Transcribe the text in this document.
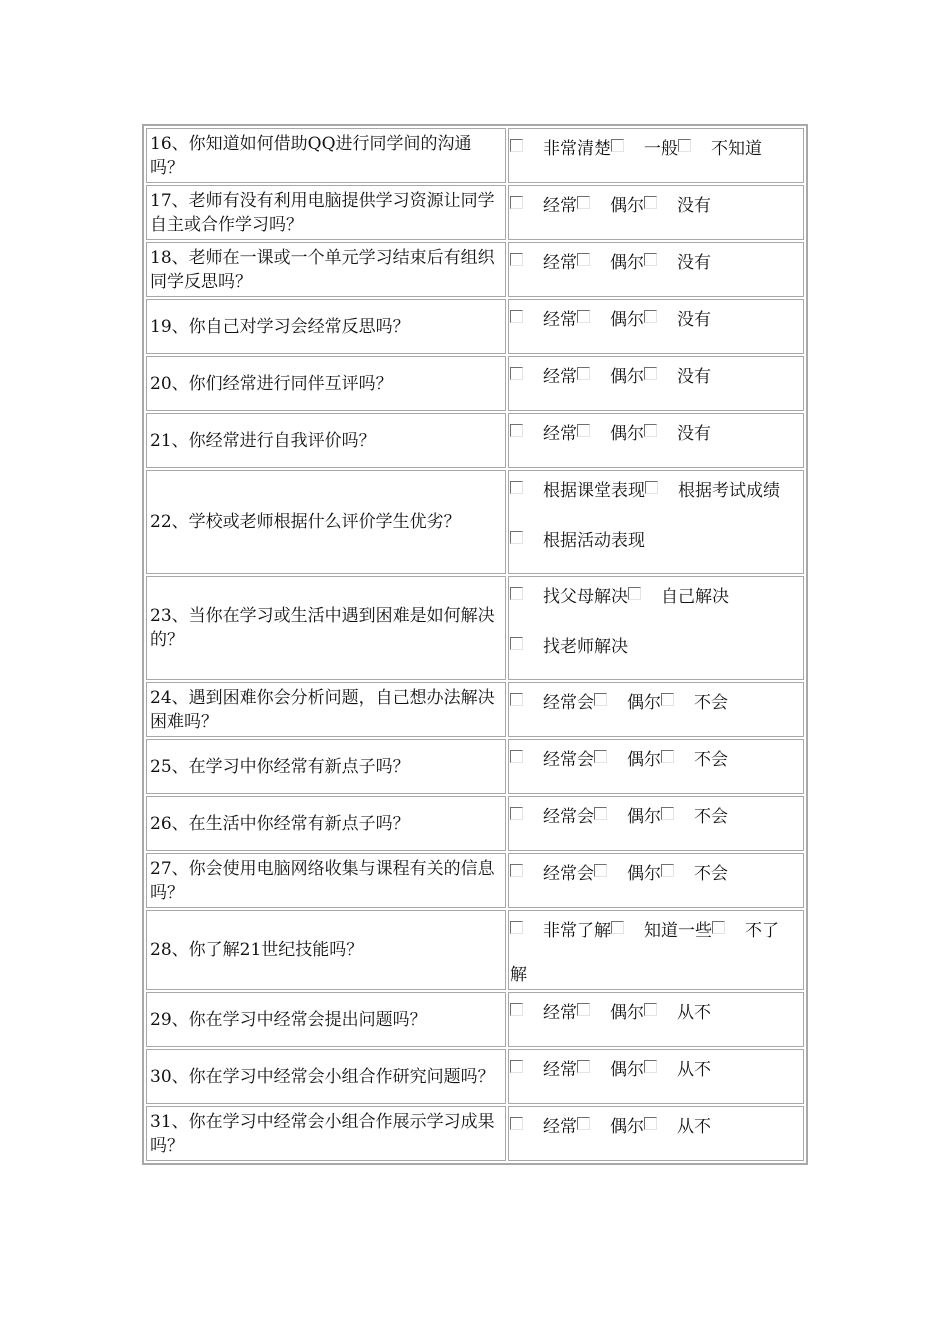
16、你知道如何借助QQ进行同学间的沟通吗？	非常清楚 一般 不知道

17、老师有没有利用电脑提供学习资源让同学自主或合作学习吗？	经常 偶尔 没有

18、老师在一课或一个单元学习结束后有组织同学反思吗？	经常 偶尔 没有

19、你自己对学习会经常反思吗？	经常 偶尔 没有

20、你们经常进行同伴互评吗？	经常 偶尔 没有

21、你经常进行自我评价吗？	经常 偶尔 没有

22、学校或老师根据什么评价学生优劣？	根据课堂表现 根据考试成绩
根据活动表现

23、当你在学习或生活中遇到困难是如何解决的？	找父母解决 自己解决
找老师解决

24、遇到困难你会分析问题，自己想办法解决困难吗？	经常会 偶尔 不会

25、在学习中你经常有新点子吗？	经常会 偶尔 不会

26、在生活中你经常有新点子吗？	经常会 偶尔 不会

27、你会使用电脑网络收集与课程有关的信息吗？	经常会 偶尔 不会

28、你了解21世纪技能吗？	非常了解 知道一些 不了
解

29、你在学习中经常会提出问题吗？	经常 偶尔 从不

30、你在学习中经常会小组合作研究问题吗？	经常 偶尔 从不

31、你在学习中经常会小组合作展示学习成果吗？	经常 偶尔 从不
